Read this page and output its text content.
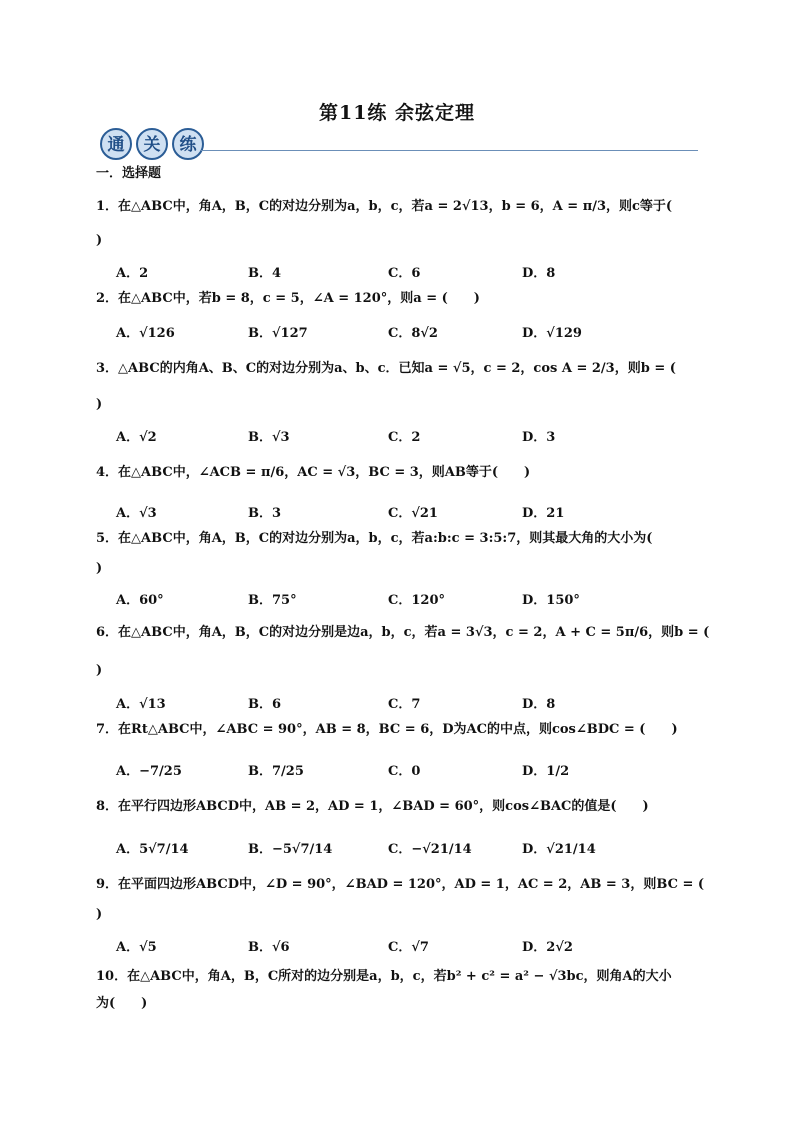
第11练 余弦定理
通 关 练
一．选择题
1．在△ABC中，角A，B，C的对边分别为a，b，c，若a = 2√13，b = 6，A = π/3，则c等于(
)
A．2	B．4	C．6	D．8
2．在△ABC中，若b = 8，c = 5，∠A = 120°，则a = (　　)
A．√126	B．√127	C．8√2	D．√129
3．△ABC的内角A、B、C的对边分别为a、b、c．已知a = √5，c = 2，cos A = 2/3，则b = (
)
A．√2	B．√3	C．2	D．3
4．在△ABC中，∠ACB = π/6，AC = √3，BC = 3，则AB等于(　　)
A．√3	B．3	C．√21	D．21
5．在△ABC中，角A，B，C的对边分别为a，b，c，若a:b:c = 3:5:7，则其最大角的大小为(
)
A．60°	B．75°	C．120°	D．150°
6．在△ABC中，角A，B，C的对边分别是边a，b，c，若a = 3√3，c = 2，A + C = 5π/6，则b = (
)
A．√13	B．6	C．7	D．8
7．在Rt△ABC中，∠ABC = 90°，AB = 8，BC = 6，D为AC的中点，则cos∠BDC = (　　)
A．−7/25	B．7/25	C．0	D．1/2
8．在平行四边形ABCD中，AB = 2，AD = 1，∠BAD = 60°，则cos∠BAC的值是(　　)
A．5√7/14	B．−5√7/14	C．−√21/14	D．√21/14
9．在平面四边形ABCD中，∠D = 90°，∠BAD = 120°，AD = 1，AC = 2，AB = 3，则BC = (
)
A．√5	B．√6	C．√7	D．2√2
10．在△ABC中，角A，B，C所对的边分别是a，b，c，若b² + c² = a² − √3bc，则角A的大小
为(　　)
